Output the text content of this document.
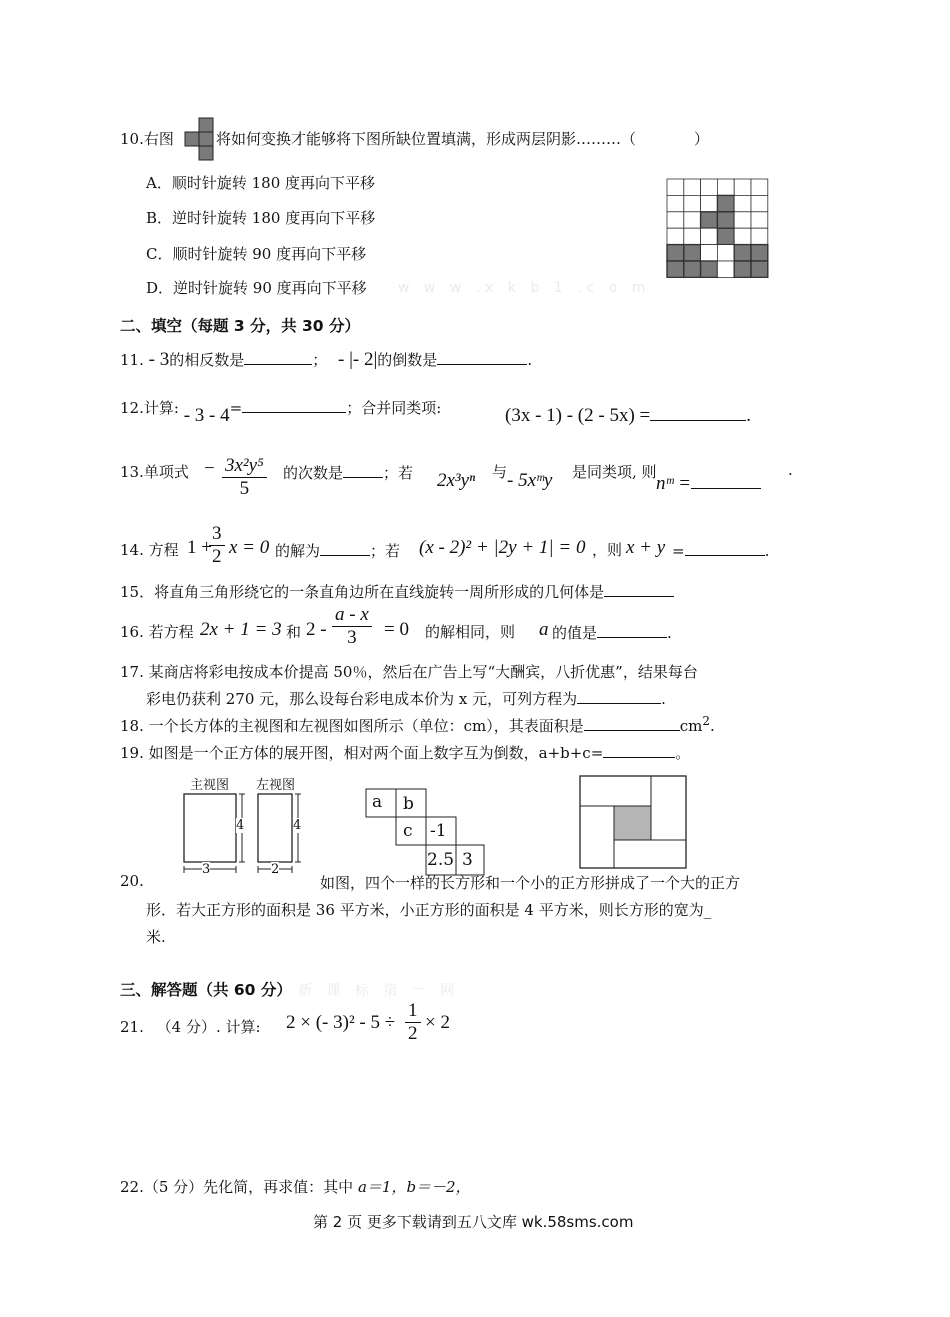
10.右图	将如何变换才能够将下图所缺位置填满，形成两层阴影………（	）
A．顺时针旋转 180 度再向下平移
B．逆时针旋转 180 度再向下平移
C．顺时针旋转 90 度再向下平移
D．逆时针旋转 90 度再向下平移 w w w .x k b 1 .c o m
二、填空（每题 3 分，共 30 分）
11. - 3的相反数是	； - |- 2|的倒数是	.
12.计算: - 3 - 4=	；合并同类项:	(3x - 1) - (2 - 5x) =	.
13.单项式 − $\frac{\text{3x²y⁵}}{5}$ 的次数是	；若 2x³yⁿ 与 - 5xᵐy 是同类项, 则
nᵐ =
.
14. 方程 1 +
$\frac{3}{2}$ x = 0 的解为	；若 (x - 2)² + |2y + 1| = 0 ，则 x + y =	.
15．将直角三角形绕它的一条直角边所在直线旋转一周所形成的几何体是
16. 若方程 2x + 1 = 3 和 $2 - \frac{a - x}{3} = 0$ 的解相同，则 a 的值是	.
17. 某商店将彩电按成本价提高 50％，然后在广告上写“大酬宾，八折优惠”，结果每台
彩电仍获利 270 元，那么设每台彩电成本价为 x 元，可列方程为	.
18. 一个长方体的主视图和左视图如图所示（单位：cm），其表面积是	$cm^2$.
19. 如图是一个正方体的展开图，相对两个面上数字互为倒数，a+b+c=	。
主视图 左视图
4
3
4
2
a b
c -1
2.5 3
20.	如图，四个一样的长方形和一个小的正方形拼成了一个大的正方
形．若大正方形的面积是 36 平方米，小正方形的面积是 4 平方米，则长方形的宽为_
米.
三、解答题（共 60 分） 新 课 标 第 一 网
21. （4 分）. 计算: 2 × (- $3)^2 - 5 \div \frac{1}{2} \times 2$
22.（5 分）先化简，再求值：其中 a＝1，b＝－2，
第 2 页 更多下载请到五八文库 wk.58sms.com
